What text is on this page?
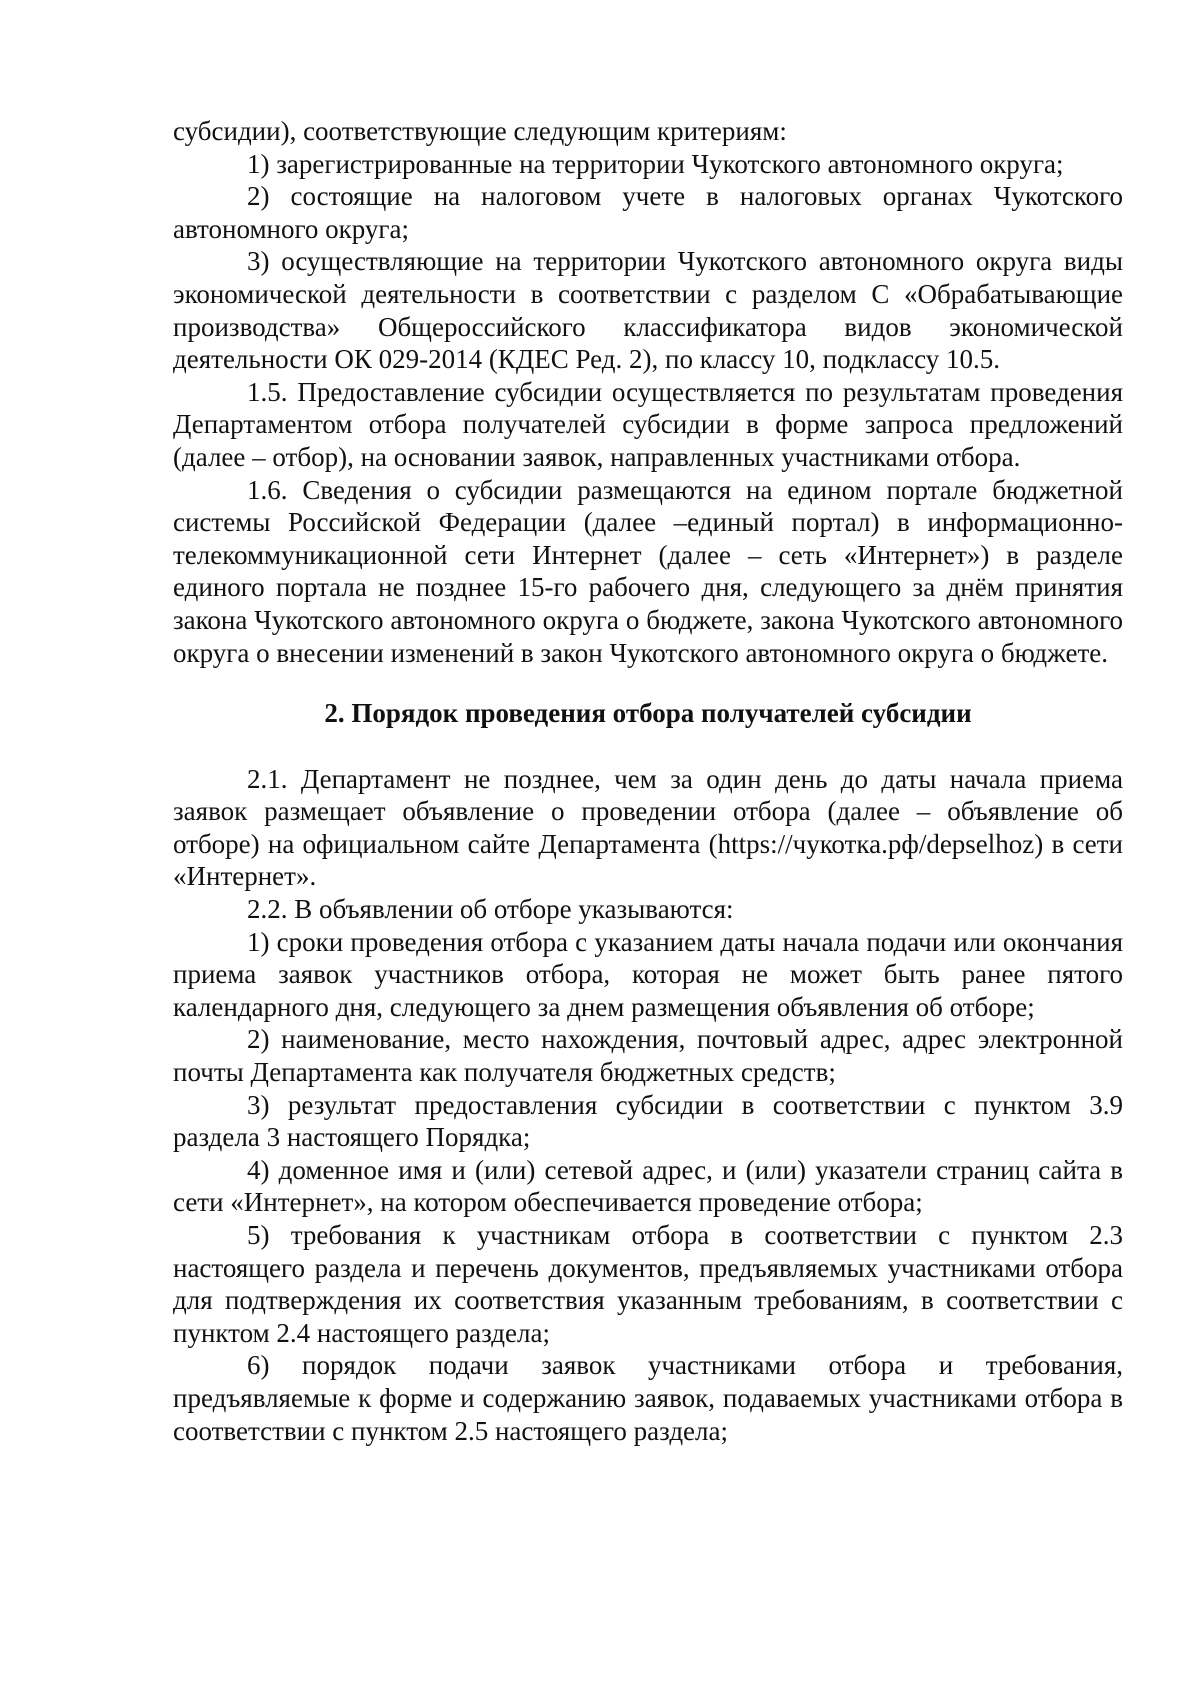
субсидии), соответствующие следующим критериям:

1) зарегистрированные на территории Чукотского автономного округа;

2) состоящие на налоговом учете в налоговых органах Чукотского автономного округа;

3) осуществляющие на территории Чукотского автономного округа виды экономической деятельности в соответствии с разделом С «Обрабатывающие производства» Общероссийского классификатора видов экономической деятельности ОК 029-2014 (КДЕС Ред. 2), по классу 10, подклассу 10.5.

1.5. Предоставление субсидии осуществляется по результатам проведения Департаментом отбора получателей субсидии в форме запроса предложений (далее – отбор), на основании заявок, направленных участниками отбора.

1.6. Сведения о субсидии размещаются на едином портале бюджетной системы Российской Федерации (далее –единый портал) в информационно-телекоммуникационной сети Интернет (далее – сеть «Интернет») в разделе единого портала не позднее 15-го рабочего дня, следующего за днём принятия закона Чукотского автономного округа о бюджете, закона Чукотского автономного округа о внесении изменений в закон Чукотского автономного округа о бюджете.

2. Порядок проведения отбора получателей субсидии

2.1. Департамент не позднее, чем за один день до даты начала приема заявок размещает объявление о проведении отбора (далее – объявление об отборе) на официальном сайте Департамента (https://чукотка.рф/depselhoz) в сети «Интернет».

2.2. В объявлении об отборе указываются:

1) сроки проведения отбора с указанием даты начала подачи или окончания приема заявок участников отбора, которая не может быть ранее пятого календарного дня, следующего за днем размещения объявления об отборе;

2) наименование, место нахождения, почтовый адрес, адрес электронной почты Департамента как получателя бюджетных средств;

3) результат предоставления субсидии в соответствии с пунктом 3.9 раздела 3 настоящего Порядка;

4) доменное имя и (или) сетевой адрес, и (или) указатели страниц сайта в сети «Интернет», на котором обеспечивается проведение отбора;

5) требования к участникам отбора в соответствии с пунктом 2.3 настоящего раздела и перечень документов, предъявляемых участниками отбора для подтверждения их соответствия указанным требованиям, в соответствии с пунктом 2.4 настоящего раздела;

6) порядок подачи заявок участниками отбора и требования, предъявляемые к форме и содержанию заявок, подаваемых участниками отбора в соответствии с пунктом 2.5 настоящего раздела;
